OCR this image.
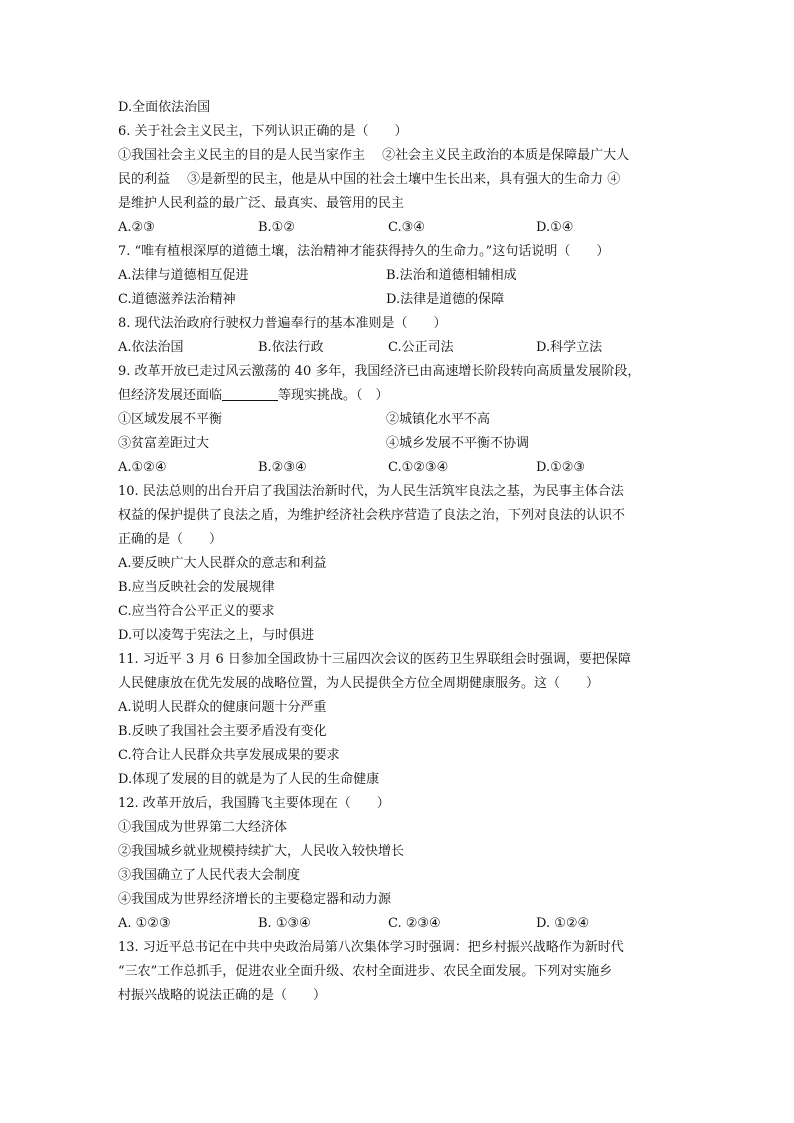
D.全面依法治国
6. 关于社会主义民主，下列认识正确的是（　　）
①我国社会主义民主的目的是人民当家作主　 ②社会主义民主政治的本质是保障最广大人
民的利益　 ③是新型的民主，他是从中国的社会土壤中生长出来，具有强大的生命力 ④
是维护人民利益的最广泛、最真实、最管用的民主
A.②③	B.①②	C.③④	D.①④
7. “唯有植根深厚的道德土壤，法治精神才能获得持久的生命力。”这句话说明（　　）
A.法律与道德相互促进	B.法治和道德相辅相成
C.道德滋养法治精神	D.法律是道德的保障
8. 现代法治政府行驶权力普遍奉行的基本准则是（　　）
A.依法治国	B.依法行政	C.公正司法	D.科学立法
9. 改革开放已走过风云激荡的 40 多年，我国经济已由高速增长阶段转向高质量发展阶段，
但经济发展还面临	等现实挑战。（　）
①区域发展不平衡	②城镇化水平不高
③贫富差距过大	④城乡发展不平衡不协调
A.①②④	B.②③④	C.①②③④	D.①②③
10. 民法总则的出台开启了我国法治新时代，为人民生活筑牢良法之基，为民事主体合法
权益的保护提供了良法之盾，为维护经济社会秩序营造了良法之治，下列对良法的认识不
正确的是（　　）
A.要反映广大人民群众的意志和利益
B.应当反映社会的发展规律
C.应当符合公平正义的要求
D.可以凌驾于宪法之上，与时俱进
11. 习近平 3 月 6 日参加全国政协十三届四次会议的医药卫生界联组会时强调，要把保障
人民健康放在优先发展的战略位置，为人民提供全方位全周期健康服务。这（　　）
A.说明人民群众的健康问题十分严重
B.反映了我国社会主要矛盾没有变化
C.符合让人民群众共享发展成果的要求
D.体现了发展的目的就是为了人民的生命健康
12. 改革开放后，我国腾飞主要体现在（　　）
①我国成为世界第二大经济体
②我国城乡就业规模持续扩大，人民收入较快增长
③我国确立了人民代表大会制度
④我国成为世界经济增长的主要稳定器和动力源
A. ①②③	B. ①③④	C. ②③④	D. ①②④
13. 习近平总书记在中共中央政治局第八次集体学习时强调：把乡村振兴战略作为新时代
“三农”工作总抓手，促进农业全面升级、农村全面进步、农民全面发展。下列对实施乡
村振兴战略的说法正确的是（　　）
